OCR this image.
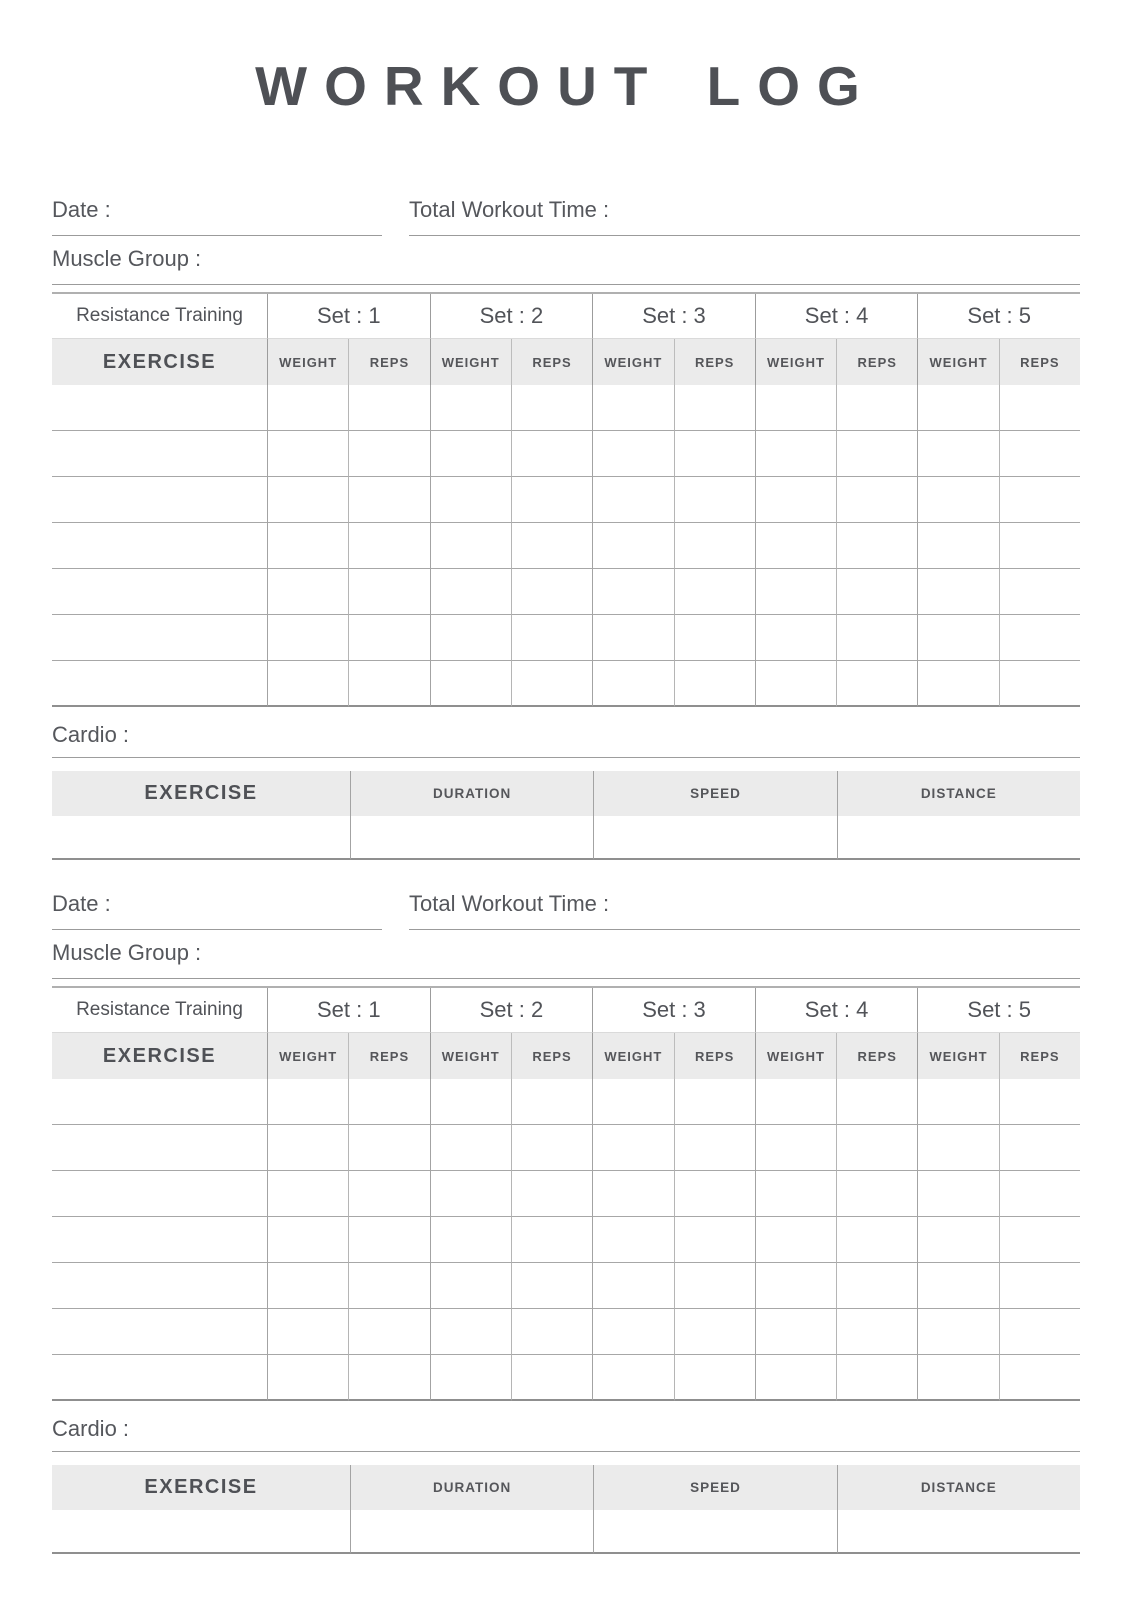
WORKOUT LOG
Date :	Total Workout Time :
Muscle Group :
Resistance Training	Set : 1	Set : 2	Set : 3	Set : 4	Set : 5
EXERCISE	WEIGHT	REPS	WEIGHT	REPS	WEIGHT	REPS	WEIGHT	REPS	WEIGHT	REPS
Cardio :
EXERCISE	DURATION	SPEED	DISTANCE
Date :	Total Workout Time :
Muscle Group :
Resistance Training	Set : 1	Set : 2	Set : 3	Set : 4	Set : 5
EXERCISE	WEIGHT	REPS	WEIGHT	REPS	WEIGHT	REPS	WEIGHT	REPS	WEIGHT	REPS
Cardio :
EXERCISE	DURATION	SPEED	DISTANCE
